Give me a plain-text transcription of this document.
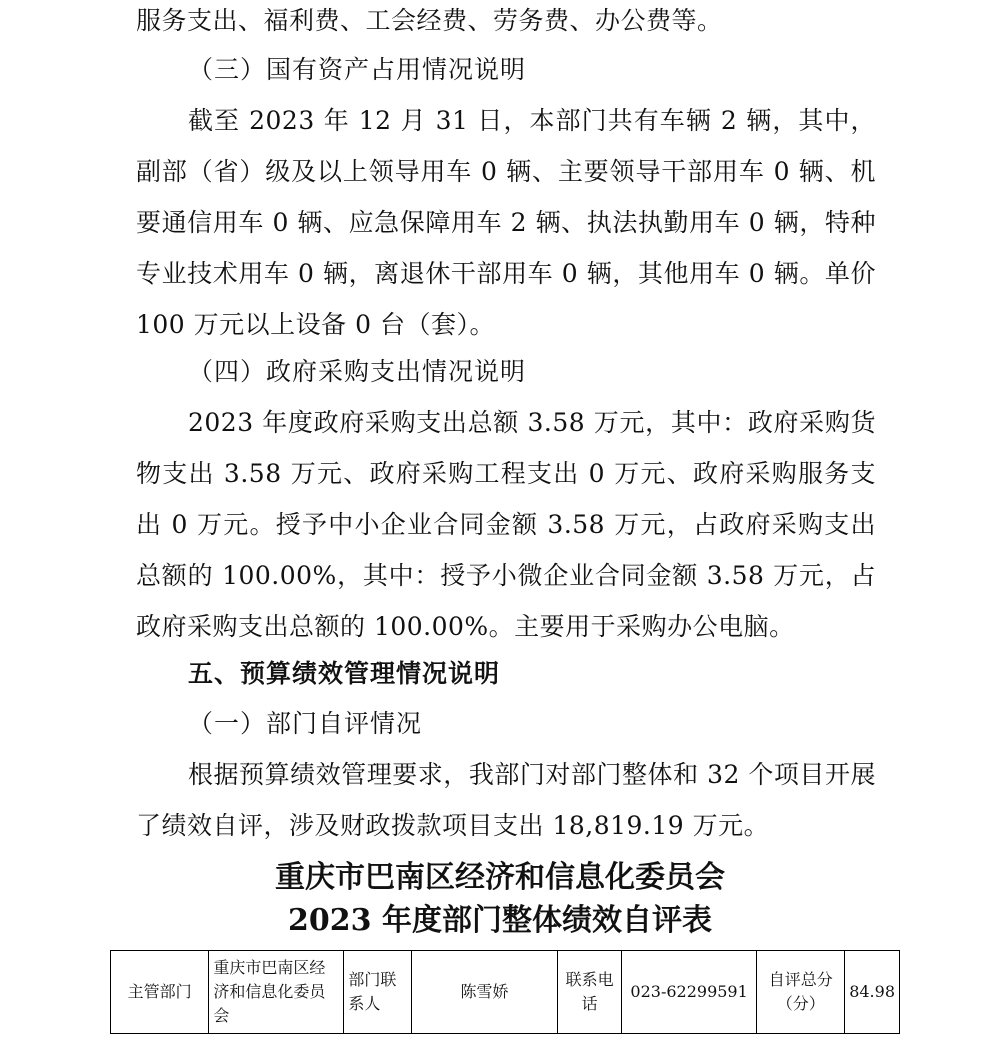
服务支出、福利费、工会经费、劳务费、办公费等。

（三）国有资产占用情况说明

截至 2023 年 12 月 31 日，本部门共有车辆 2 辆，其中，副部（省）级及以上领导用车 0 辆、主要领导干部用车 0 辆、机要通信用车 0 辆、应急保障用车 2 辆、执法执勤用车 0 辆，特种专业技术用车 0 辆，离退休干部用车 0 辆，其他用车 0 辆。单价 100 万元以上设备 0 台（套）。

（四）政府采购支出情况说明

2023 年度政府采购支出总额 3.58 万元，其中：政府采购货物支出 3.58 万元、政府采购工程支出 0 万元、政府采购服务支出 0 万元。授予中小企业合同金额 3.58 万元，占政府采购支出总额的 100.00%，其中：授予小微企业合同金额 3.58 万元，占政府采购支出总额的 100.00%。主要用于采购办公电脑。

五、预算绩效管理情况说明

（一）部门自评情况

根据预算绩效管理要求，我部门对部门整体和 32 个项目开展了绩效自评，涉及财政拨款项目支出 18,819.19 万元。

重庆市巴南区经济和信息化委员会
2023 年度部门整体绩效自评表
主管部门	重庆市巴南区经济和信息化委员会	部门联系人	陈雪娇	联系电话	023-62299591	自评总分（分）	84.98
